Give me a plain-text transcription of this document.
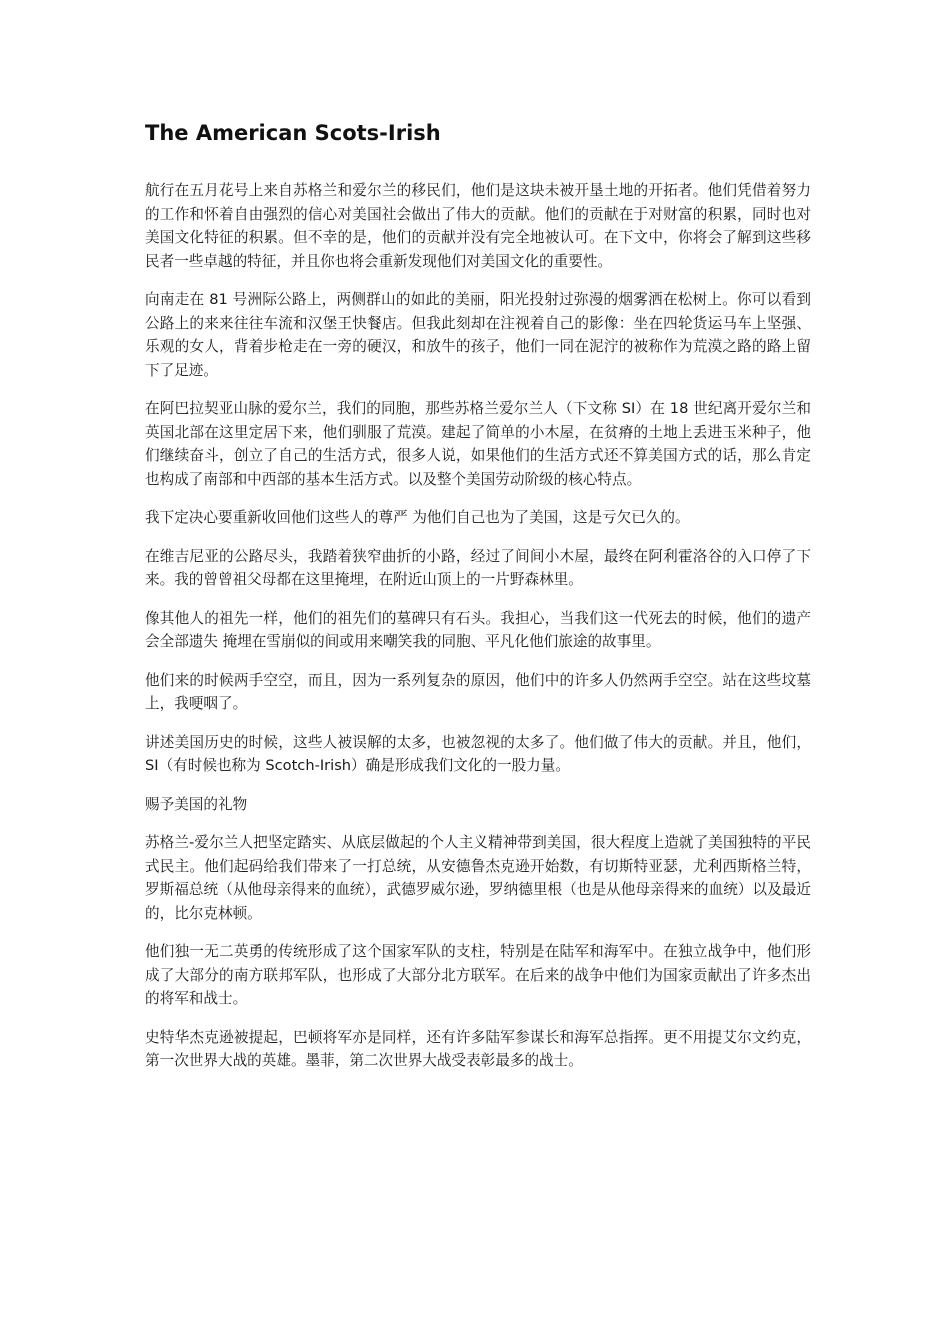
The American Scots-Irish

航行在五月花号上来自苏格兰和爱尔兰的移民们，他们是这块未被开垦土地的开拓者。他们凭借着努力的工作和怀着自由强烈的信心对美国社会做出了伟大的贡献。他们的贡献在于对财富的积累，同时也对美国文化特征的积累。但不幸的是，他们的贡献并没有完全地被认可。在下文中，你将会了解到这些移民者一些卓越的特征，并且你也将会重新发现他们对美国文化的重要性。

向南走在 81 号洲际公路上，两侧群山的如此的美丽，阳光投射过弥漫的烟雾洒在松树上。你可以看到公路上的来来往往车流和汉堡王快餐店。但我此刻却在注视着自己的影像：坐在四轮货运马车上坚强、乐观的女人，背着步枪走在一旁的硬汉，和放牛的孩子，他们一同在泥泞的被称作为荒漠之路的路上留下了足迹。

在阿巴拉契亚山脉的爱尔兰，我们的同胞，那些苏格兰爱尔兰人（下文称 SI）在 18 世纪离开爱尔兰和英国北部在这里定居下来，他们驯服了荒漠。建起了简单的小木屋，在贫瘠的土地上丢进玉米种子，他们继续奋斗，创立了自己的生活方式，很多人说，如果他们的生活方式还不算美国方式的话，那么肯定也构成了南部和中西部的基本生活方式。以及整个美国劳动阶级的核心特点。

我下定决心要重新收回他们这些人的尊严 为他们自己也为了美国，这是亏欠已久的。

在维吉尼亚的公路尽头，我踏着狭窄曲折的小路，经过了间间小木屋，最终在阿利霍洛谷的入口停了下来。我的曾曾祖父母都在这里掩埋，在附近山顶上的一片野森林里。

像其他人的祖先一样，他们的祖先们的墓碑只有石头。我担心，当我们这一代死去的时候，他们的遗产会全部遗失 掩埋在雪崩似的间或用来嘲笑我的同胞、平凡化他们旅途的故事里。

他们来的时候两手空空，而且，因为一系列复杂的原因，他们中的许多人仍然两手空空。站在这些坟墓上，我哽咽了。

讲述美国历史的时候，这些人被误解的太多，也被忽视的太多了。他们做了伟大的贡献。并且，他们，SI（有时候也称为 Scotch-Irish）确是形成我们文化的一股力量。

赐予美国的礼物

苏格兰-爱尔兰人把坚定踏实、从底层做起的个人主义精神带到美国，很大程度上造就了美国独特的平民式民主。他们起码给我们带来了一打总统，从安德鲁杰克逊开始数，有切斯特亚瑟，尤利西斯格兰特，罗斯福总统（从他母亲得来的血统），武德罗威尔逊，罗纳德里根（也是从他母亲得来的血统）以及最近的，比尔克林顿。

他们独一无二英勇的传统形成了这个国家军队的支柱，特别是在陆军和海军中。在独立战争中，他们形成了大部分的南方联邦军队，也形成了大部分北方联军。在后来的战争中他们为国家贡献出了许多杰出的将军和战士。

史特华杰克逊被提起，巴顿将军亦是同样，还有许多陆军参谋长和海军总指挥。更不用提艾尔文约克，第一次世界大战的英雄。墨菲，第二次世界大战受表彰最多的战士。
